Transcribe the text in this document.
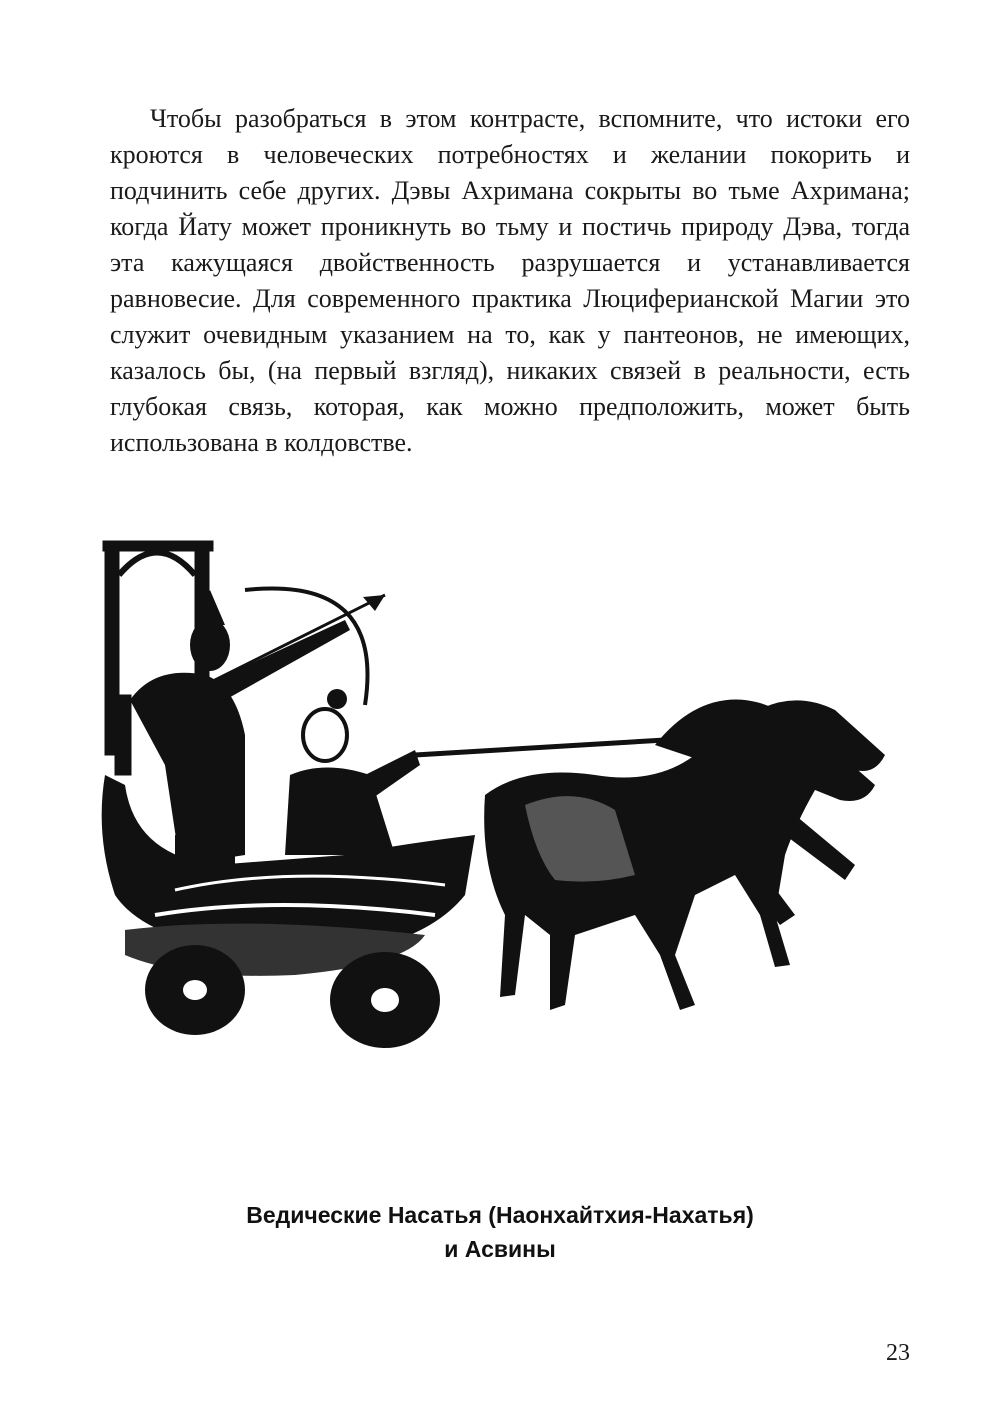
Чтобы разобраться в этом контрасте, вспомните, что истоки его кроются в человеческих потребностях и желании покорить и подчинить себе других. Дэвы Ахримана сокрыты во тьме Ахримана; когда Йату может проникнуть во тьму и постичь природу Дэва, тогда эта кажущаяся двойственность разрушается и устанавливается равновесие. Для современного практика Люциферианской Магии это служит очевидным указанием на то, как у пантеонов, не имеющих, казалось бы, (на первый взгляд), никаких связей в реальности, есть глубокая связь, которая, как можно предположить, может быть использована в колдовстве.

Ведические Насатья (Наонхайтхия-Нахатья)
и Асвины
23
